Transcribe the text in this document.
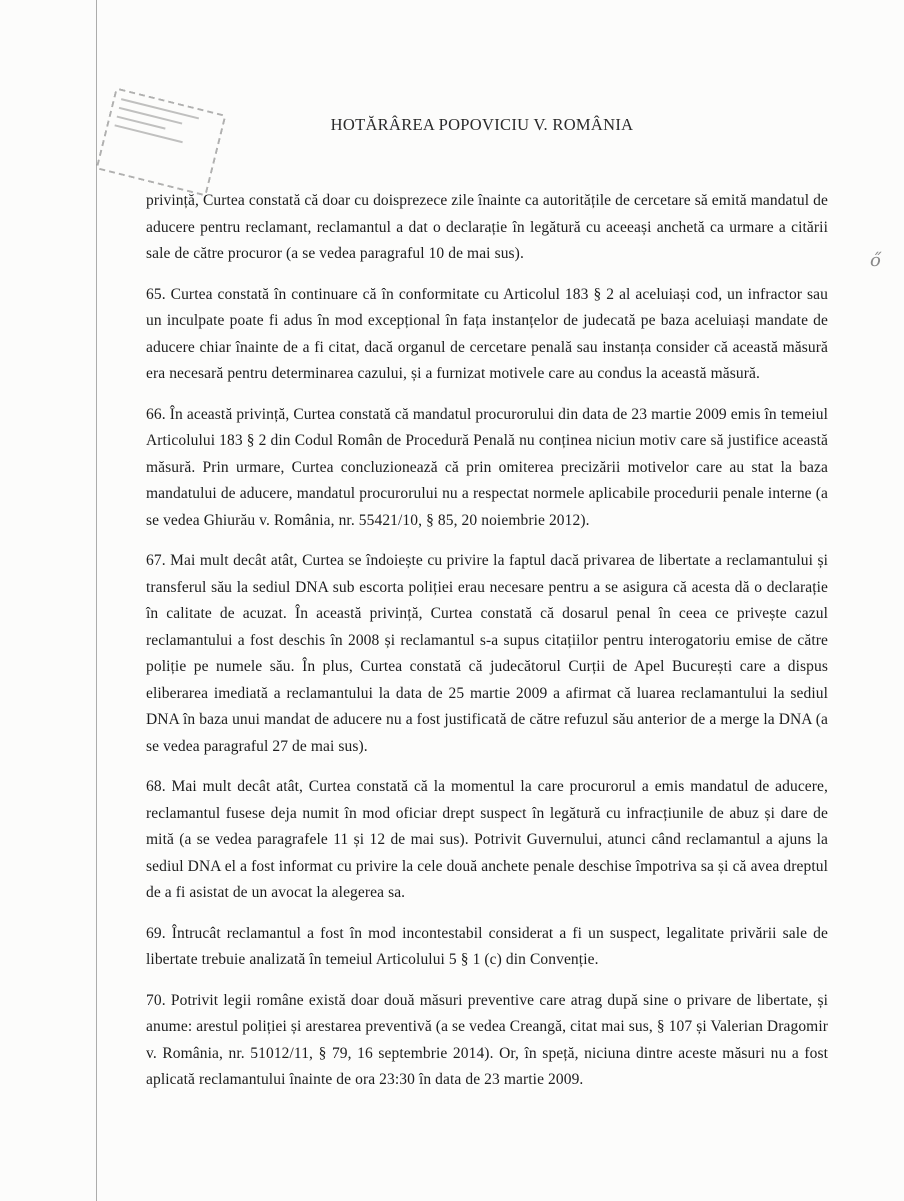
ő
HOTĂRÂREA POPOVICIU V. ROMÂNIA

privință, Curtea constată că doar cu doisprezece zile înainte ca autoritățile de cercetare să emită mandatul de aducere pentru reclamant, reclamantul a dat o declarație în legătură cu aceeași anchetă ca urmare a citării sale de către procuror (a se vedea paragraful 10 de mai sus).

65. Curtea constată în continuare că în conformitate cu Articolul 183 § 2 al aceluiași cod, un infractor sau un inculpate poate fi adus în mod excepțional în fața instanțelor de judecată pe baza aceluiași mandate de aducere chiar înainte de a fi citat, dacă organul de cercetare penală sau instanța consider că această măsură era necesară pentru determinarea cazului, și a furnizat motivele care au condus la această măsură.

66. În această privință, Curtea constată că mandatul procurorului din data de 23 martie 2009 emis în temeiul Articolului 183 § 2 din Codul Român de Procedură Penală nu conținea niciun motiv care să justifice această măsură. Prin urmare, Curtea concluzionează că prin omiterea precizării motivelor care au stat la baza mandatului de aducere, mandatul procurorului nu a respectat normele aplicabile procedurii penale interne (a se vedea Ghiurău v. România, nr. 55421/10, § 85, 20 noiembrie 2012).

67. Mai mult decât atât, Curtea se îndoiește cu privire la faptul dacă privarea de libertate a reclamantului și transferul său la sediul DNA sub escorta poliției erau necesare pentru a se asigura că acesta dă o declarație în calitate de acuzat. În această privință, Curtea constată că dosarul penal în ceea ce privește cazul reclamantului a fost deschis în 2008 și reclamantul s-a supus citațiilor pentru interogatoriu emise de către poliție pe numele său. În plus, Curtea constată că judecătorul Curții de Apel București care a dispus eliberarea imediată a reclamantului la data de 25 martie 2009 a afirmat că luarea reclamantului la sediul DNA în baza unui mandat de aducere nu a fost justificată de către refuzul său anterior de a merge la DNA (a se vedea paragraful 27 de mai sus).

68. Mai mult decât atât, Curtea constată că la momentul la care procurorul a emis mandatul de aducere, reclamantul fusese deja numit în mod oficiar drept suspect în legătură cu infracțiunile de abuz și dare de mită (a se vedea paragrafele 11 și 12 de mai sus). Potrivit Guvernului, atunci când reclamantul a ajuns la sediul DNA el a fost informat cu privire la cele două anchete penale deschise împotriva sa și că avea dreptul de a fi asistat de un avocat la alegerea sa.

69. Întrucât reclamantul a fost în mod incontestabil considerat a fi un suspect, legalitate privării sale de libertate trebuie analizată în temeiul Articolului 5 § 1 (c) din Convenție.

70. Potrivit legii române există doar două măsuri preventive care atrag după sine o privare de libertate, și anume: arestul poliției și arestarea preventivă (a se vedea Creangă, citat mai sus, § 107 și Valerian Dragomir v. România, nr. 51012/11, § 79, 16 septembrie 2014). Or, în speță, niciuna dintre aceste măsuri nu a fost aplicată reclamantului înainte de ora 23:30 în data de 23 martie 2009.
